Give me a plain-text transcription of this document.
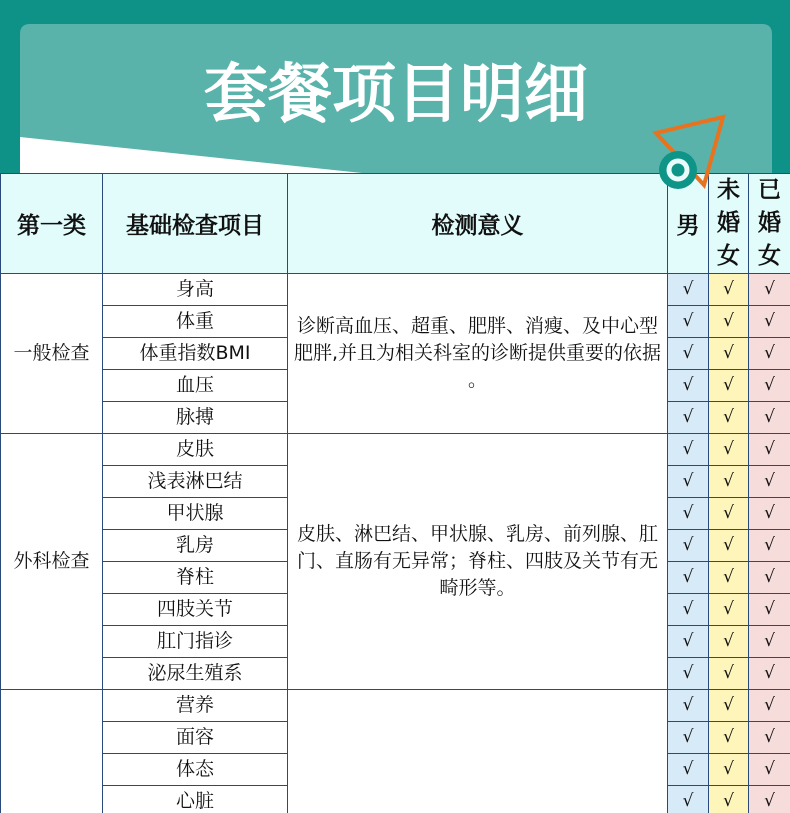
套餐项目明细
第一类	基础检查项目	检测意义	男	未婚女	已婚女
一般检查	身高	诊断高血压、超重、肥胖、消瘦、及中心型肥胖,并且为相关科室的诊断提供重要的依据。	√	√	√
	体重		√	√	√
	体重指数BMI		√	√	√
	血压		√	√	√
	脉搏		√	√	√
外科检查	皮肤	皮肤、淋巴结、甲状腺、乳房、前列腺、肛门、直肠有无异常；脊柱、四肢及关节有无畸形等。	√	√	√
	浅表淋巴结		√	√	√
	甲状腺		√	√	√
	乳房		√	√	√
	脊柱		√	√	√
	四肢关节		√	√	√
	肛门指诊		√	√	√
	泌尿生殖系		√	√	√
	营养		√	√	√
	面容		√	√	√
	体态		√	√	√
	心脏		√	√	√
